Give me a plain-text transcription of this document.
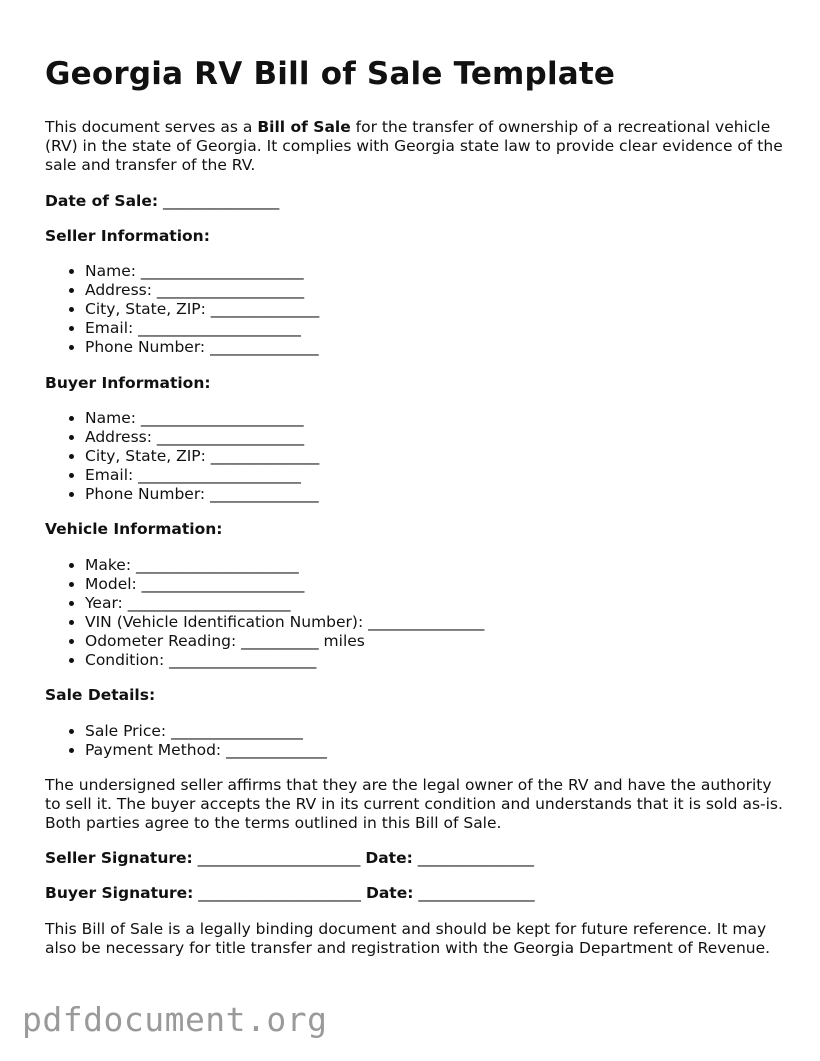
Georgia RV Bill of Sale Template
This document serves as a Bill of Sale for the transfer of ownership of a recreational vehicle (RV) in the state of Georgia. It complies with Georgia state law to provide clear evidence of the sale and transfer of the RV.
Date of Sale: _______________
Seller Information:
• Name: _____________________
• Address: ___________________
• City, State, ZIP: ______________
• Email: _____________________
• Phone Number: ______________
Buyer Information:
• Name: _____________________
• Address: ___________________
• City, State, ZIP: ______________
• Email: _____________________
• Phone Number: ______________
Vehicle Information:
• Make: _____________________
• Model: _____________________
• Year: _____________________
• VIN (Vehicle Identification Number): _______________
• Odometer Reading: __________ miles
• Condition: ___________________
Sale Details:
• Sale Price: _________________
• Payment Method: _____________
The undersigned seller affirms that they are the legal owner of the RV and have the authority to sell it. The buyer accepts the RV in its current condition and understands that it is sold as-is. Both parties agree to the terms outlined in this Bill of Sale.
Seller Signature: _____________________ Date: _______________
Buyer Signature: _____________________ Date: _______________
This Bill of Sale is a legally binding document and should be kept for future reference. It may also be necessary for title transfer and registration with the Georgia Department of Revenue.
pdfdocument.org
